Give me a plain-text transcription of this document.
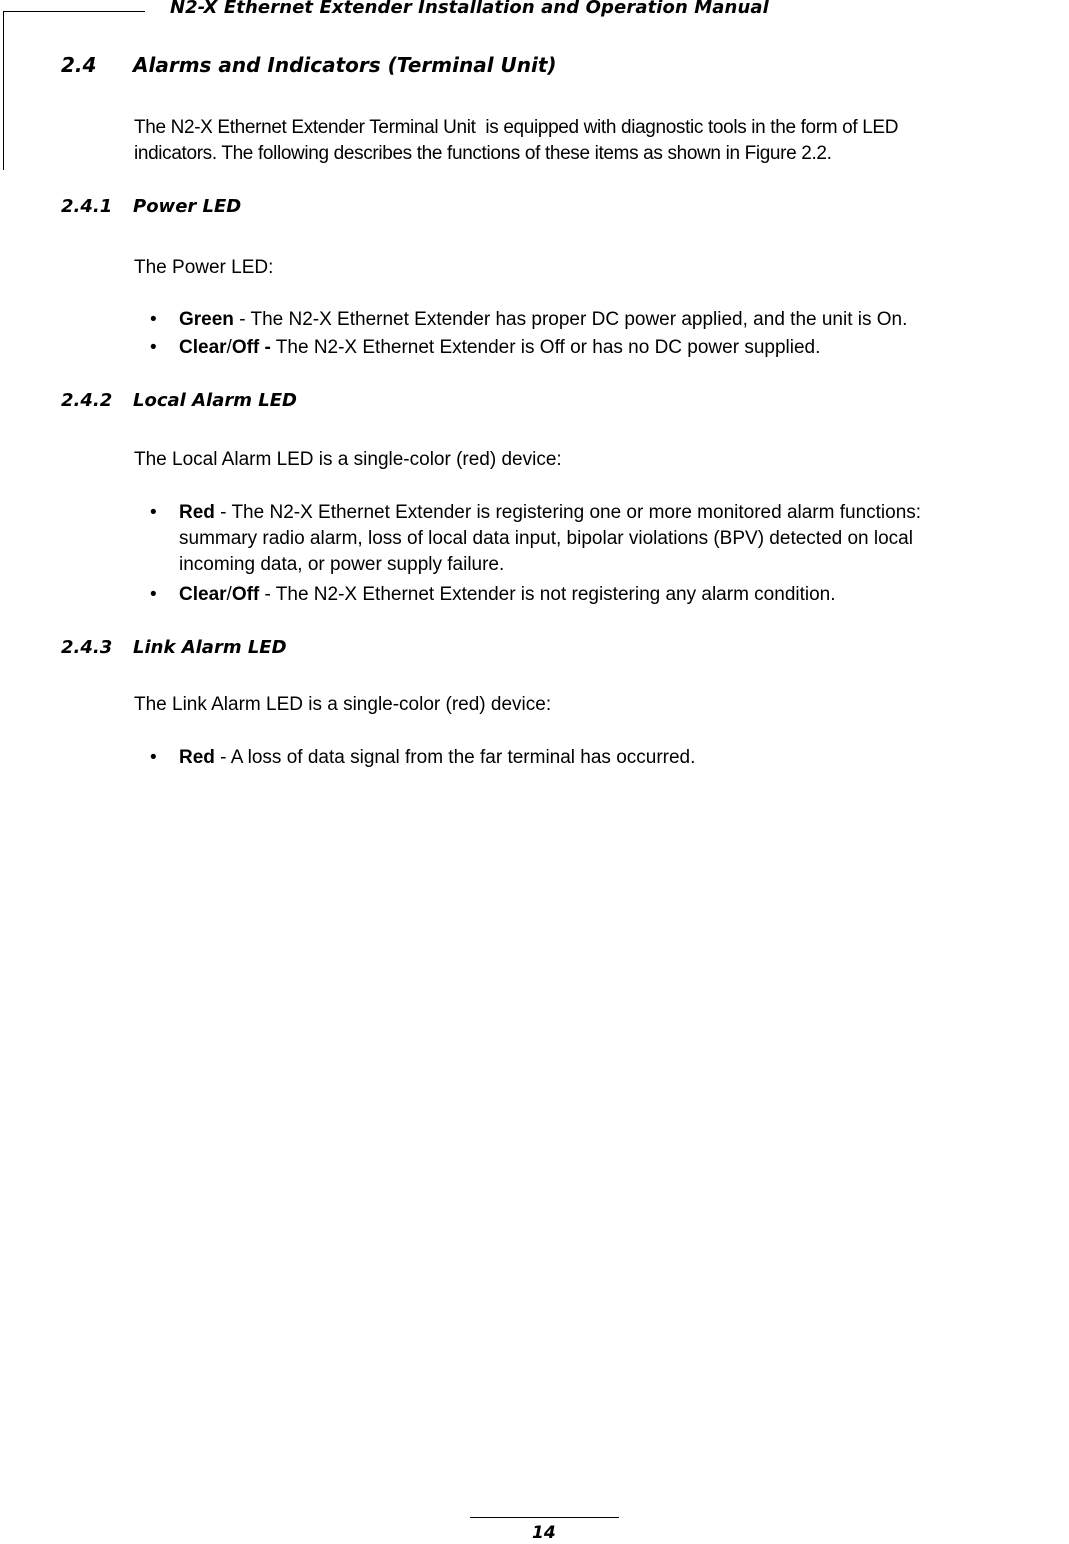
N2-X Ethernet Extender Installation and Operation Manual
2.4 Alarms and Indicators (Terminal Unit)
The N2-X Ethernet Extender Terminal Unit  is equipped with diagnostic tools in the form of LED
indicators. The following describes the functions of these items as shown in Figure 2.2.
2.4.1 Power LED
The Power LED:
• Green - The N2-X Ethernet Extender has proper DC power applied, and the unit is On.
• Clear/Off - The N2-X Ethernet Extender is Off or has no DC power supplied.
2.4.2 Local Alarm LED
The Local Alarm LED is a single-color (red) device:
• Red - The N2-X Ethernet Extender is registering one or more monitored alarm functions:
summary radio alarm, loss of local data input, bipolar violations (BPV) detected on local
incoming data, or power supply failure.
• Clear/Off - The N2-X Ethernet Extender is not registering any alarm condition.
2.4.3 Link Alarm LED
The Link Alarm LED is a single-color (red) device:
• Red - A loss of data signal from the far terminal has occurred.
14
